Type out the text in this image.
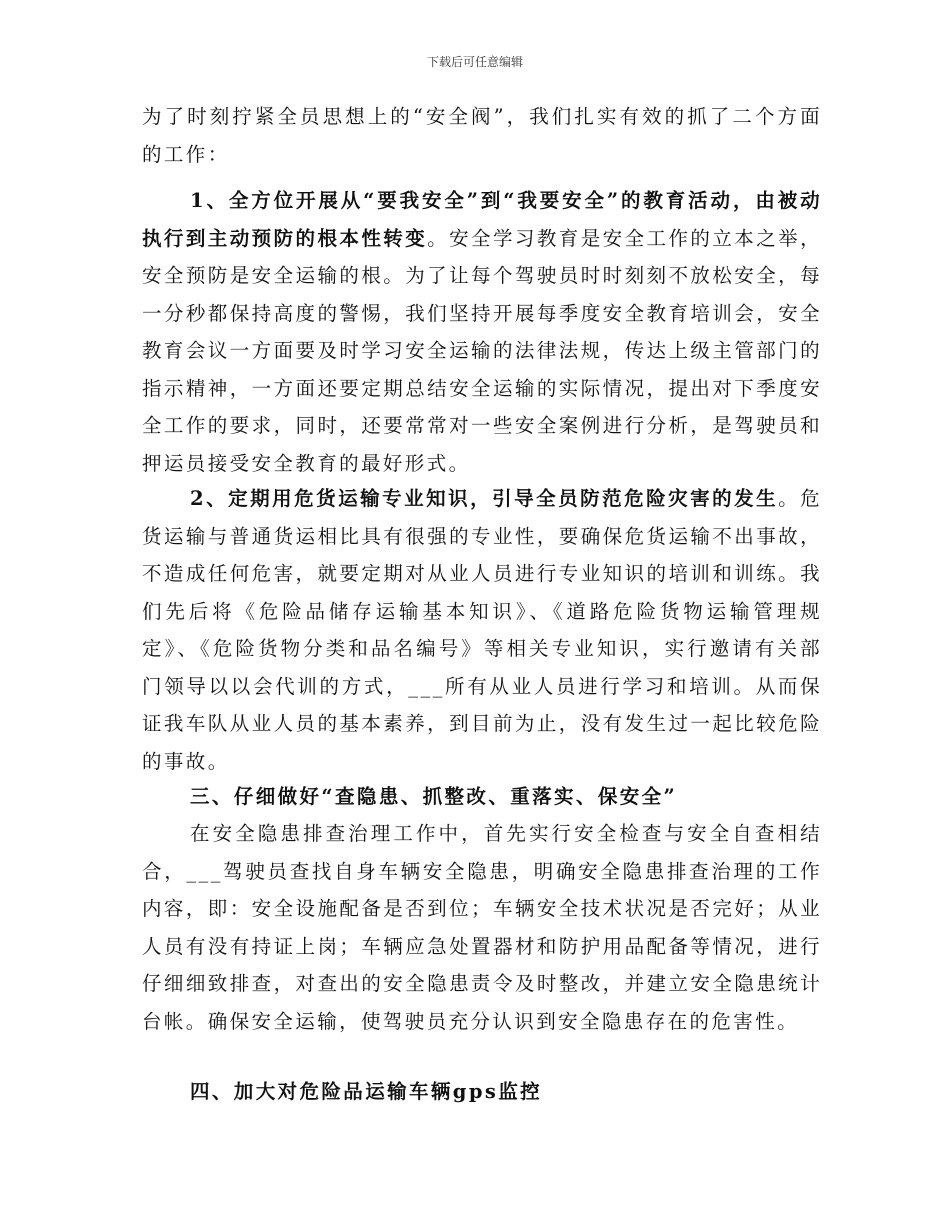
下载后可任意编辑

为了时刻拧紧全员思想上的“安全阀”，我们扎实有效的抓了二个方面的工作：

1、全方位开展从“要我安全”到“我要安全”的教育活动，由被动执行到主动预防的根本性转变。安全学习教育是安全工作的立本之举，安全预防是安全运输的根。为了让每个驾驶员时时刻刻不放松安全，每一分秒都保持高度的警惕，我们坚持开展每季度安全教育培训会，安全教育会议一方面要及时学习安全运输的法律法规，传达上级主管部门的指示精神，一方面还要定期总结安全运输的实际情况，提出对下季度安全工作的要求，同时，还要常常对一些安全案例进行分析，是驾驶员和押运员接受安全教育的最好形式。

2、定期用危货运输专业知识，引导全员防范危险灾害的发生。危货运输与普通货运相比具有很强的专业性，要确保危货运输不出事故，不造成任何危害，就要定期对从业人员进行专业知识的培训和训练。我们先后将《危险品储存运输基本知识》、《道路危险货物运输管理规定》、《危险货物分类和品名编号》等相关专业知识，实行邀请有关部门领导以以会代训的方式，___所有从业人员进行学习和培训。从而保证我车队从业人员的基本素养，到目前为止，没有发生过一起比较危险的事故。

三、仔细做好“查隐患、抓整改、重落实、保安全”

在安全隐患排查治理工作中，首先实行安全检查与安全自查相结合，___驾驶员查找自身车辆安全隐患，明确安全隐患排查治理的工作内容，即：安全设施配备是否到位；车辆安全技术状况是否完好；从业人员有没有持证上岗；车辆应急处置器材和防护用品配备等情况，进行仔细细致排查，对查出的安全隐患责令及时整改，并建立安全隐患统计台帐。确保安全运输，使驾驶员充分认识到安全隐患存在的危害性。

四、加大对危险品运输车辆gps监控
